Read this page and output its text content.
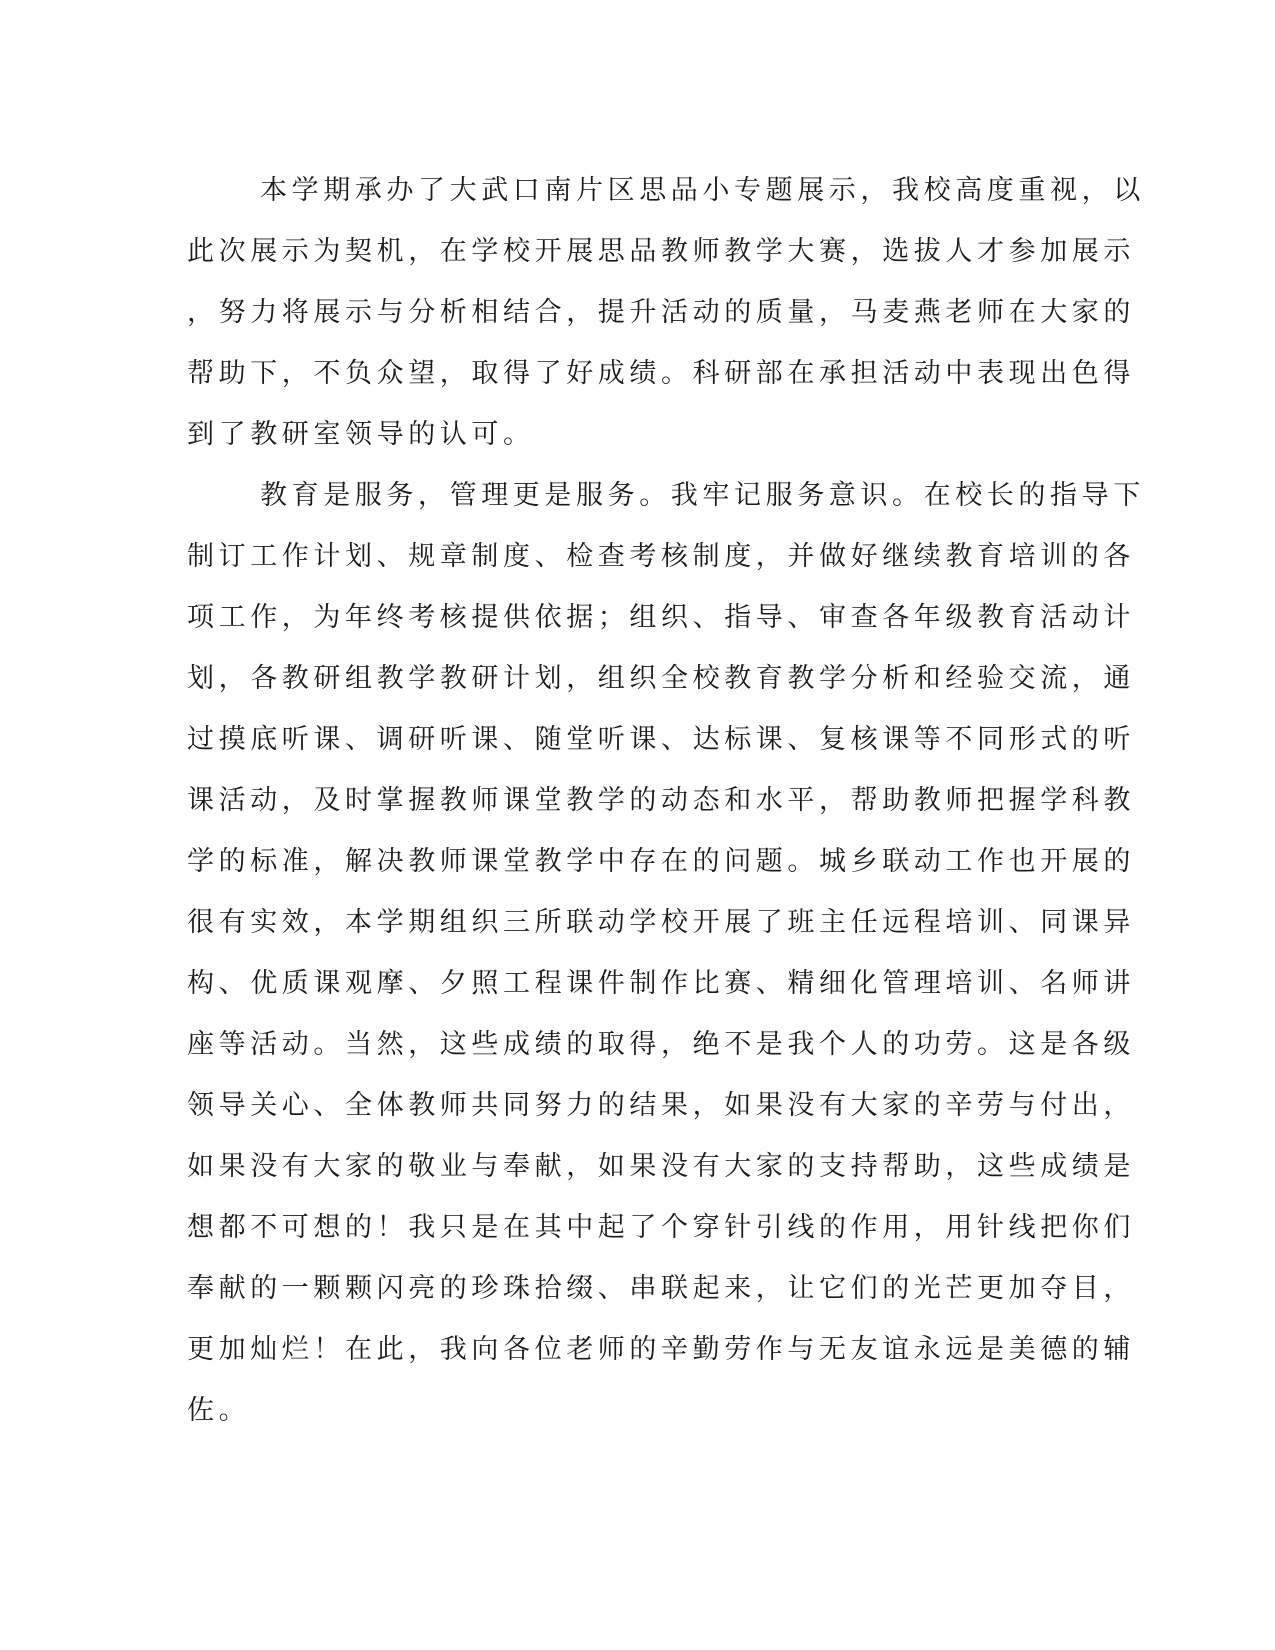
本学期承办了大武口南片区思品小专题展示，我校高度重视，以
此次展示为契机，在学校开展思品教师教学大赛，选拔人才参加展示
，努力将展示与分析相结合，提升活动的质量，马麦燕老师在大家的
帮助下，不负众望，取得了好成绩。科研部在承担活动中表现出色得
到了教研室领导的认可。
教育是服务，管理更是服务。我牢记服务意识。在校长的指导下
制订工作计划、规章制度、检查考核制度，并做好继续教育培训的各
项工作，为年终考核提供依据；组织、指导、审查各年级教育活动计
划，各教研组教学教研计划，组织全校教育教学分析和经验交流，通
过摸底听课、调研听课、随堂听课、达标课、复核课等不同形式的听
课活动，及时掌握教师课堂教学的动态和水平，帮助教师把握学科教
学的标准，解决教师课堂教学中存在的问题。城乡联动工作也开展的
很有实效，本学期组织三所联动学校开展了班主任远程培训、同课异
构、优质课观摩、夕照工程课件制作比赛、精细化管理培训、名师讲
座等活动。当然，这些成绩的取得，绝不是我个人的功劳。这是各级
领导关心、全体教师共同努力的结果，如果没有大家的辛劳与付出，
如果没有大家的敬业与奉献，如果没有大家的支持帮助，这些成绩是
想都不可想的！我只是在其中起了个穿针引线的作用，用针线把你们
奉献的一颗颗闪亮的珍珠拾缀、串联起来，让它们的光芒更加夺目，
更加灿烂！在此，我向各位老师的辛勤劳作与无友谊永远是美德的辅
佐。
